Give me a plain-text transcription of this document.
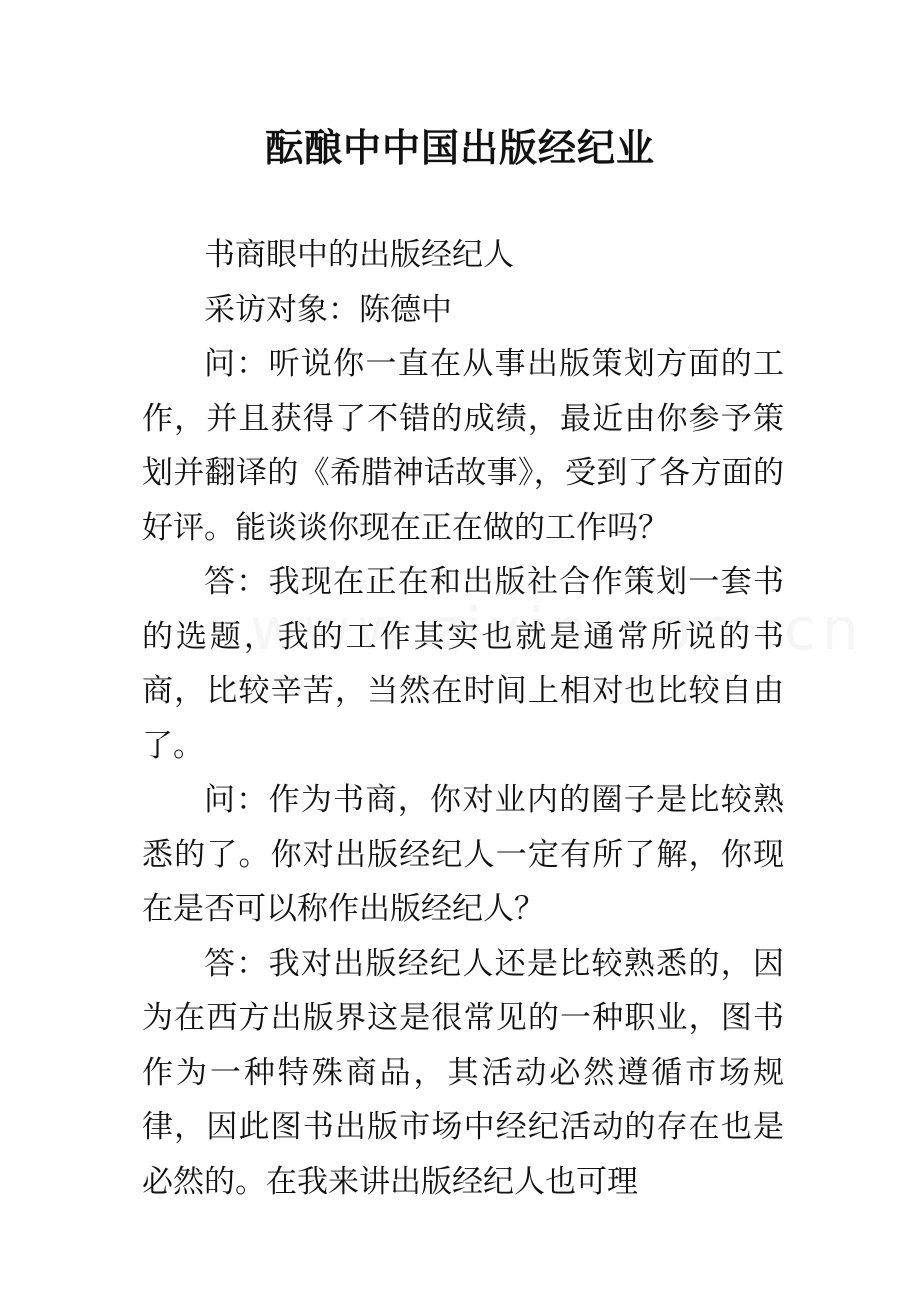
酝酿中中国出版经纪业

书商眼中的出版经纪人

采访对象：陈德中

问：听说你一直在从事出版策划方面的工作，并且获得了不错的成绩，最近由你参予策划并翻译的《希腊神话故事》，受到了各方面的好评。能谈谈你现在正在做的工作吗？

答：我现在正在和出版社合作策划一套书的选题，我的工作其实也就是通常所说的书商，比较辛苦，当然在时间上相对也比较自由了。

问：作为书商，你对业内的圈子是比较熟悉的了。你对出版经纪人一定有所了解，你现在是否可以称作出版经纪人？

答：我对出版经纪人还是比较熟悉的，因为在西方出版界这是很常见的一种职业，图书作为一种特殊商品，其活动必然遵循市场规律，因此图书出版市场中经纪活动的存在也是必然的。在我来讲出版经纪人也可理
